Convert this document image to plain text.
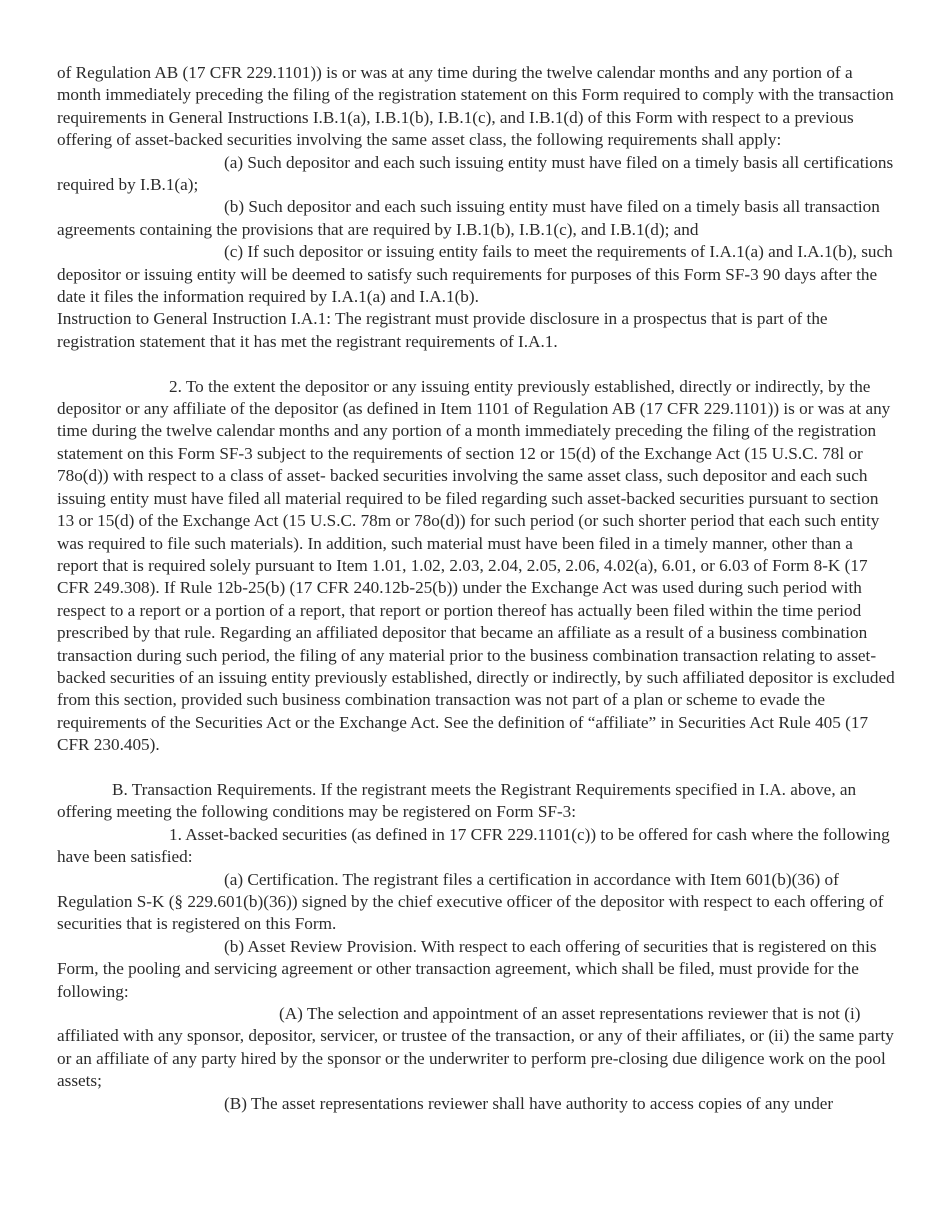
of Regulation AB (17 CFR 229.1101)) is or was at any time during the twelve calendar months and any portion of a month immediately preceding the filing of the registration statement on this Form required to comply with the transaction requirements in General Instructions I.B.1(a), I.B.1(b), I.B.1(c), and I.B.1(d) of this Form with respect to a previous offering of asset-backed securities involving the same asset class, the following requirements shall apply:

(a) Such depositor and each such issuing entity must have filed on a timely basis all certifications required by I.B.1(a);

(b) Such depositor and each such issuing entity must have filed on a timely basis all transaction agreements containing the provisions that are required by I.B.1(b), I.B.1(c), and I.B.1(d); and

(c) If such depositor or issuing entity fails to meet the requirements of I.A.1(a) and I.A.1(b), such depositor or issuing entity will be deemed to satisfy such requirements for purposes of this Form SF-3 90 days after the date it files the information required by I.A.1(a) and I.A.1(b).

Instruction to General Instruction I.A.1: The registrant must provide disclosure in a prospectus that is part of the registration statement that it has met the registrant requirements of I.A.1.

2. To the extent the depositor or any issuing entity previously established, directly or indirectly, by the depositor or any affiliate of the depositor (as defined in Item 1101 of Regulation AB (17 CFR 229.1101)) is or was at any time during the twelve calendar months and any portion of a month immediately preceding the filing of the registration statement on this Form SF-3 subject to the requirements of section 12 or 15(d) of the Exchange Act (15 U.S.C. 78l or 78o(d)) with respect to a class of asset- backed securities involving the same asset class, such depositor and each such issuing entity must have filed all material required to be filed regarding such asset-backed securities pursuant to section 13 or 15(d) of the Exchange Act (15 U.S.C. 78m or 78o(d)) for such period (or such shorter period that each such entity was required to file such materials). In addition, such material must have been filed in a timely manner, other than a report that is required solely pursuant to Item 1.01, 1.02, 2.03, 2.04, 2.05, 2.06, 4.02(a), 6.01, or 6.03 of Form 8-K (17 CFR 249.308). If Rule 12b-25(b) (17 CFR 240.12b-25(b)) under the Exchange Act was used during such period with respect to a report or a portion of a report, that report or portion thereof has actually been filed within the time period prescribed by that rule. Regarding an affiliated depositor that became an affiliate as a result of a business combination transaction during such period, the filing of any material prior to the business combination transaction relating to asset-backed securities of an issuing entity previously established, directly or indirectly, by such affiliated depositor is excluded from this section, provided such business combination transaction was not part of a plan or scheme to evade the requirements of the Securities Act or the Exchange Act. See the definition of “affiliate” in Securities Act Rule 405 (17 CFR 230.405).

B. Transaction Requirements. If the registrant meets the Registrant Requirements specified in I.A. above, an offering meeting the following conditions may be registered on Form SF-3:

1. Asset-backed securities (as defined in 17 CFR 229.1101(c)) to be offered for cash where the following have been satisfied:

(a) Certification. The registrant files a certification in accordance with Item 601(b)(36) of Regulation S-K (§ 229.601(b)(36)) signed by the chief executive officer of the depositor with respect to each offering of securities that is registered on this Form.

(b) Asset Review Provision. With respect to each offering of securities that is registered on this Form, the pooling and servicing agreement or other transaction agreement, which shall be filed, must provide for the following:

(A) The selection and appointment of an asset representations reviewer that is not (i) affiliated with any sponsor, depositor, servicer, or trustee of the transaction, or any of their affiliates, or (ii) the same party or an affiliate of any party hired by the sponsor or the underwriter to perform pre-closing due diligence work on the pool assets;

(B) The asset representations reviewer shall have authority to access copies of any under
